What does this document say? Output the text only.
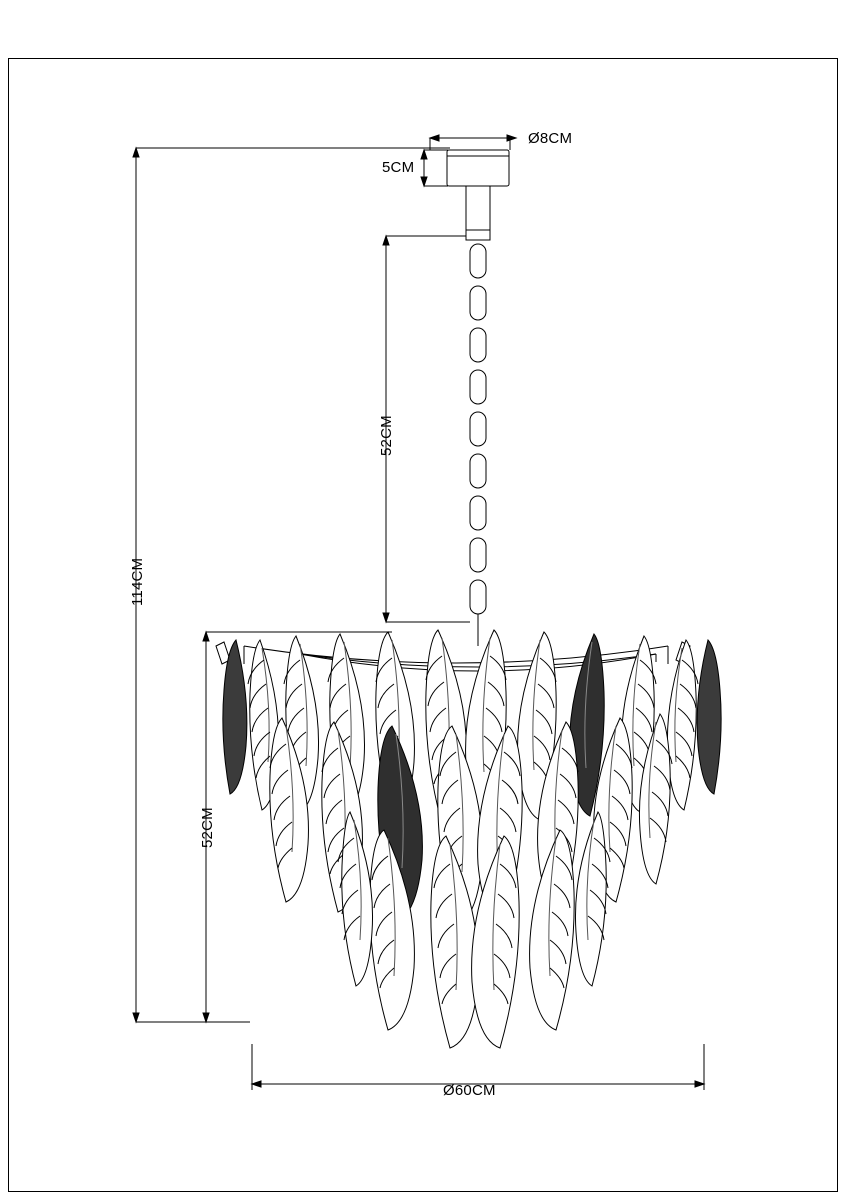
Ø8CM
5CM
52CM
114CM
52CM
Ø60CM
